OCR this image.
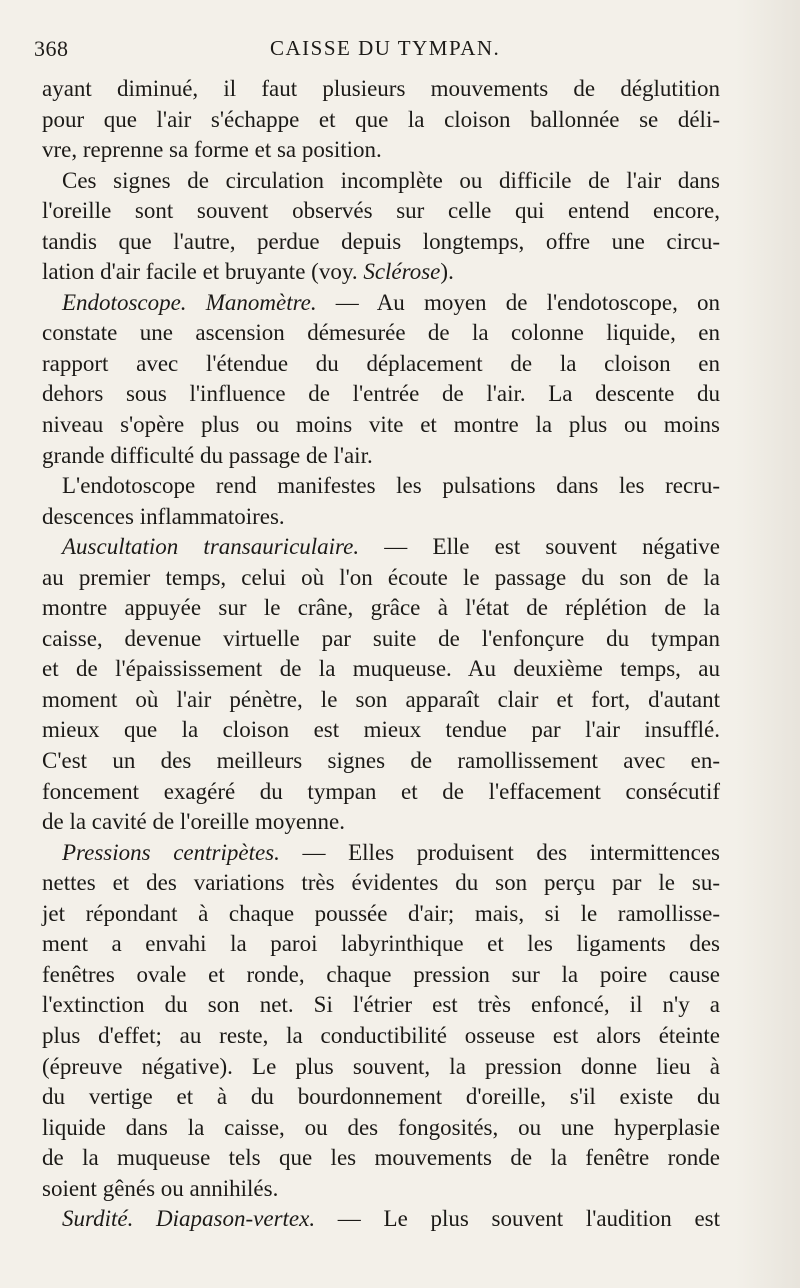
368	CAISSE DU TYMPAN.
ayant diminué, il faut plusieurs mouvements de déglutition
pour que l'air s'échappe et que la cloison ballonnée se déli-
vre, reprenne sa forme et sa position.
Ces signes de circulation incomplète ou difficile de l'air dans
l'oreille sont souvent observés sur celle qui entend encore,
tandis que l'autre, perdue depuis longtemps, offre une circu-
lation d'air facile et bruyante (voy. Sclérose).
Endotoscope. Manomètre. — Au moyen de l'endotoscope, on
constate une ascension démesurée de la colonne liquide, en
rapport avec l'étendue du déplacement de la cloison en
dehors sous l'influence de l'entrée de l'air. La descente du
niveau s'opère plus ou moins vite et montre la plus ou moins
grande difficulté du passage de l'air.
L'endotoscope rend manifestes les pulsations dans les recru-
descences inflammatoires.
Auscultation transauriculaire. — Elle est souvent négative
au premier temps, celui où l'on écoute le passage du son de la
montre appuyée sur le crâne, grâce à l'état de réplétion de la
caisse, devenue virtuelle par suite de l'enfonçure du tympan
et de l'épaississement de la muqueuse. Au deuxième temps, au
moment où l'air pénètre, le son apparaît clair et fort, d'autant
mieux que la cloison est mieux tendue par l'air insufflé.
C'est un des meilleurs signes de ramollissement avec en-
foncement exagéré du tympan et de l'effacement consécutif
de la cavité de l'oreille moyenne.
Pressions centripètes. — Elles produisent des intermittences
nettes et des variations très évidentes du son perçu par le su-
jet répondant à chaque poussée d'air; mais, si le ramollisse-
ment a envahi la paroi labyrinthique et les ligaments des
fenêtres ovale et ronde, chaque pression sur la poire cause
l'extinction du son net. Si l'étrier est très enfoncé, il n'y a
plus d'effet; au reste, la conductibilité osseuse est alors éteinte
(épreuve négative). Le plus souvent, la pression donne lieu à
du vertige et à du bourdonnement d'oreille, s'il existe du
liquide dans la caisse, ou des fongosités, ou une hyperplasie
de la muqueuse tels que les mouvements de la fenêtre ronde
soient gênés ou annihilés.
Surdité. Diapason-vertex. — Le plus souvent l'audition est
